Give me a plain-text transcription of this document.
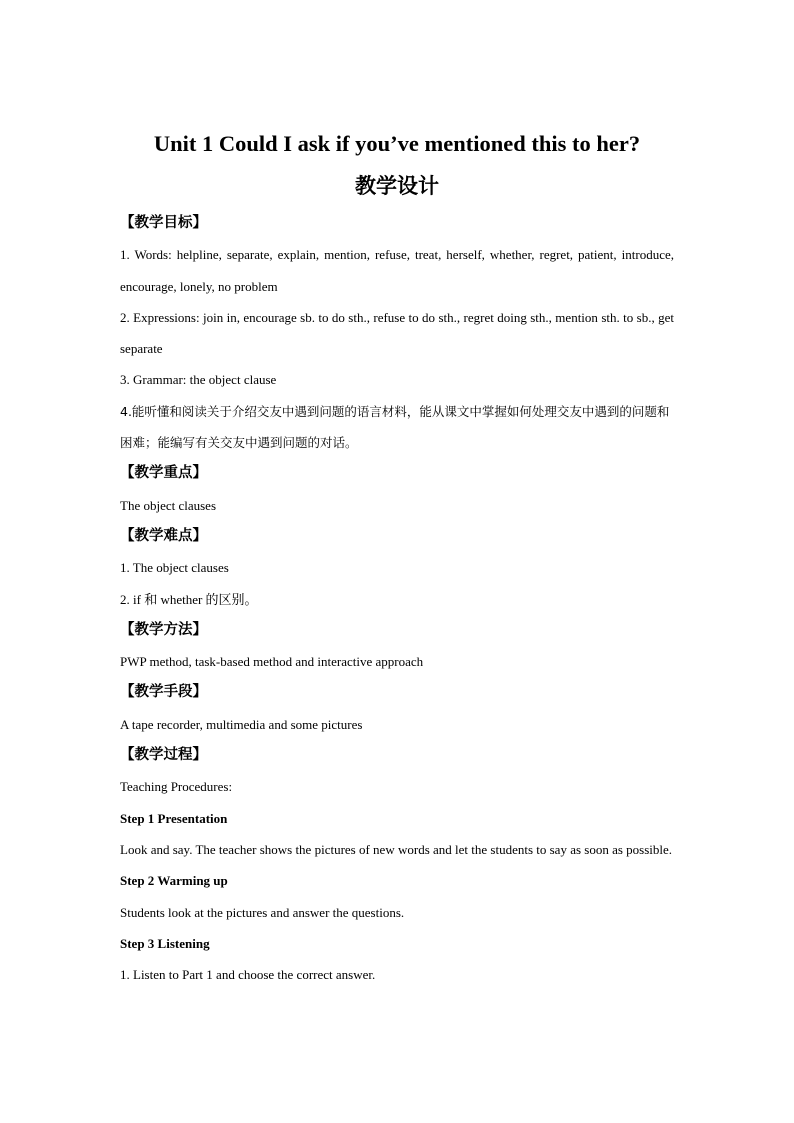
Unit 1 Could I ask if you’ve mentioned this to her?
教学设计

【教学目标】

1. Words: helpline, separate, explain, mention, refuse, treat, herself, whether, regret, patient, introduce, encourage, lonely, no problem

2. Expressions: join in, encourage sb. to do sth., refuse to do sth., regret doing sth., mention sth. to sb., get separate

3. Grammar: the object clause

4.能听懂和阅读关于介绍交友中遇到问题的语言材料，能从课文中掌握如何处理交友中遇到的问题和困难；能编写有关交友中遇到问题的对话。

【教学重点】

The object clauses

【教学难点】

1. The object clauses

2. if 和 whether 的区别。

【教学方法】

PWP method, task-based method and interactive approach

【教学手段】

A tape recorder, multimedia and some pictures

【教学过程】

Teaching Procedures:

Step 1 Presentation

Look and say. The teacher shows the pictures of new words and let the students to say as soon as possible.

Step 2 Warming up

Students look at the pictures and answer the questions.

Step 3 Listening

1. Listen to Part 1 and choose the correct answer.
